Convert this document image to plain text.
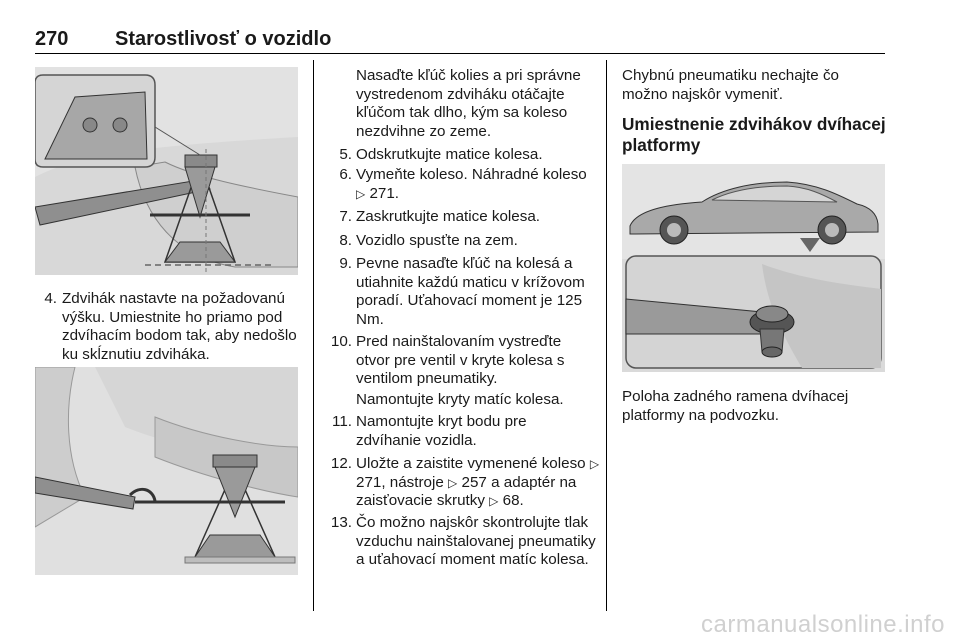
270 Starostlivosť o vozidlo
4. Zdvihák nastavte na požadovanú výšku. Umiestnite ho priamo pod zdvíhacím bodom tak, aby nedošlo ku skĺznutiu zdviháka.
Nasaďte kľúč kolies a pri správne vystredenom zdviháku otáčajte kľúčom tak dlho, kým sa koleso nezdvihne zo zeme.
5. Odskrutkujte matice kolesa.
6. Vymeňte koleso. Náhradné koleso ▷ 271.
7. Zaskrutkujte matice kolesa.
8. Vozidlo spusťte na zem.
9. Pevne nasaďte kľúč na kolesá a utiahnite každú maticu v krížovom poradí. Uťahovací moment je 125 Nm.
10. Pred nainštalovaním vystreďte otvor pre ventil v kryte kolesa s ventilom pneumatiky.
Namontujte kryty matíc kolesa.
11. Namontujte kryt bodu pre zdvíhanie vozidla.
12. Uložte a zaistite vymenené koleso ▷ 271, nástroje ▷ 257 a adaptér na zaisťovacie skrutky ▷ 68.
13. Čo možno najskôr skontrolujte tlak vzduchu nainštalovanej pneumatiky a uťahovací moment matíc kolesa.
Chybnú pneumatiku nechajte čo možno najskôr vymeniť.
Umiestnenie zdvihákov dvíhacej platformy
Poloha zadného ramena dvíhacej platformy na podvozku.
carmanualsonline.info
